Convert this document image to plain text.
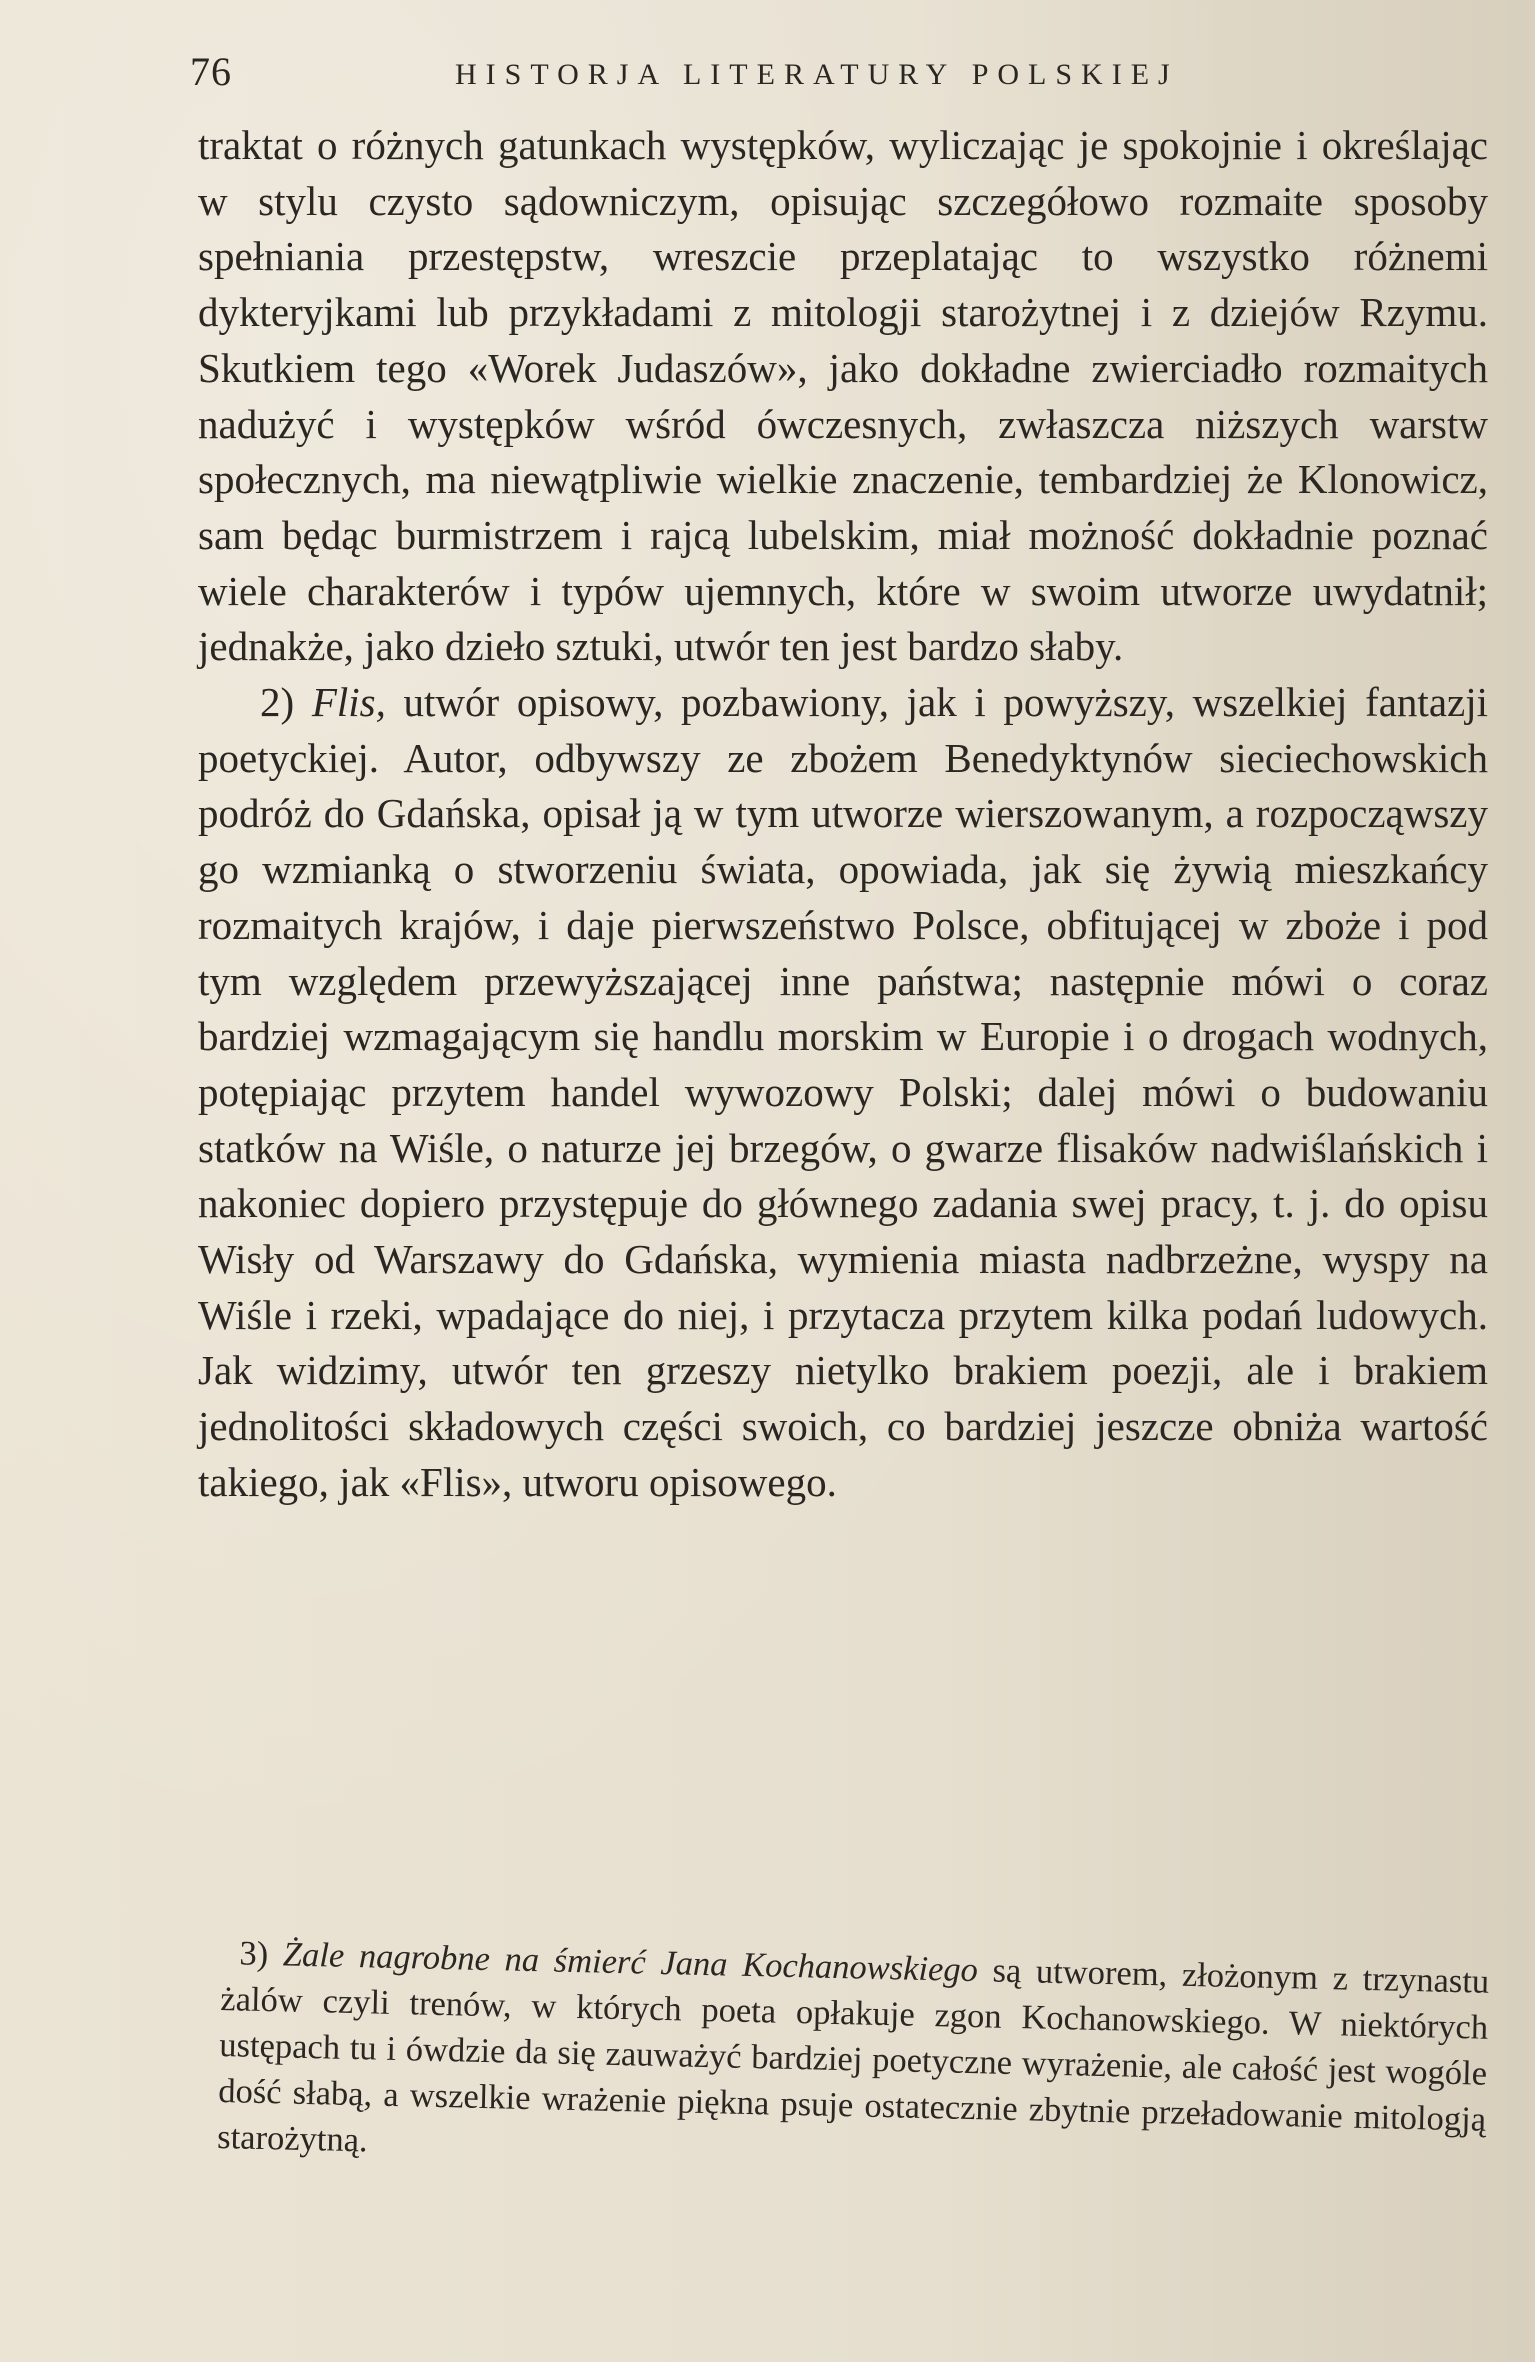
76	HISTORJA LITERATURY POLSKIEJ

traktat o różnych gatunkach występków, wyliczając je spokojnie i określając w stylu czysto sądowniczym, opisując szczegółowo rozmaite sposoby spełniania przestępstw, wreszcie przeplatając to wszystko różnemi dykteryjkami lub przykładami z mitologji starożytnej i z dziejów Rzymu. Skutkiem tego «Worek Judaszów», jako dokładne zwierciadło rozmaitych nadużyć i występków wśród ówczesnych, zwłaszcza niższych warstw społecznych, ma niewątpliwie wielkie znaczenie, tembardziej że Klonowicz, sam będąc burmistrzem i rajcą lubelskim, miał możność dokładnie poznać wiele charakterów i typów ujemnych, które w swoim utworze uwydatnił; jednakże, jako dzieło sztuki, utwór ten jest bardzo słaby.

2) Flis, utwór opisowy, pozbawiony, jak i powyższy, wszelkiej fantazji poetyckiej. Autor, odbywszy ze zbożem Benedyktynów sieciechowskich podróż do Gdańska, opisał ją w tym utworze wierszowanym, a rozpocząwszy go wzmianką o stworzeniu świata, opowiada, jak się żywią mieszkańcy rozmaitych krajów, i daje pierwszeństwo Polsce, obfitującej w zboże i pod tym względem przewyższającej inne państwa; następnie mówi o coraz bardziej wzmagającym się handlu morskim w Europie i o drogach wodnych, potępiając przytem handel wywozowy Polski; dalej mówi o budowaniu statków na Wiśle, o naturze jej brzegów, o gwarze flisaków nadwiślańskich i nakoniec dopiero przystępuje do głównego zadania swej pracy, t. j. do opisu Wisły od Warszawy do Gdańska, wymienia miasta nadbrzeżne, wyspy na Wiśle i rzeki, wpadające do niej, i przytacza przytem kilka podań ludowych. Jak widzimy, utwór ten grzeszy nietylko brakiem poezji, ale i brakiem jednolitości składowych części swoich, co bardziej jeszcze obniża wartość takiego, jak «Flis», utworu opisowego.

3) Żale nagrobne na śmierć Jana Kochanowskiego są utworem, złożonym z trzynastu żalów czyli trenów, w których poeta opłakuje zgon Kochanowskiego. W niektórych ustępach tu i ówdzie da się zauważyć bardziej poetyczne wyrażenie, ale całość jest wogóle dość słabą, a wszelkie wrażenie piękna psuje ostatecznie zbytnie przeładowanie mitologją starożytną.
